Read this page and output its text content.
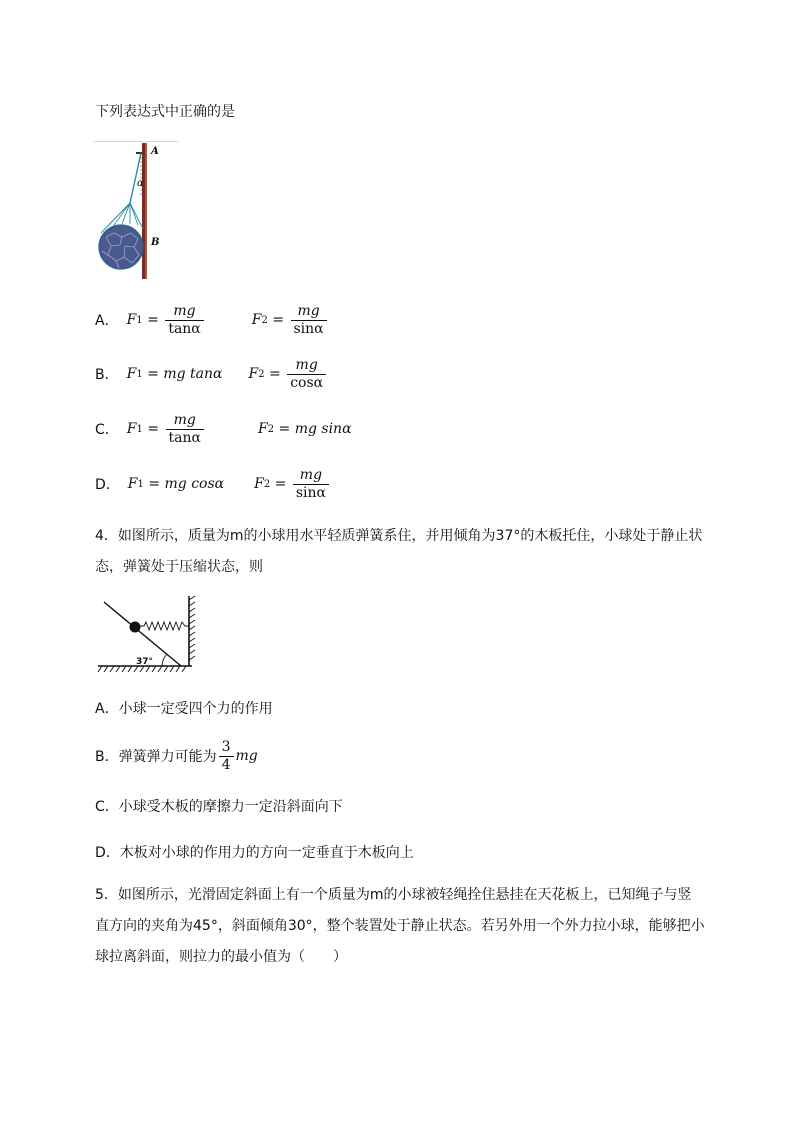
下列表达式中正确的是
A
α
B
A． F $1 = \frac{mg}{\tan\alpha}$	F $2 = \frac{mg}{\sin\alpha}$
B． F 1 = mg tanα F $2 = \frac{mg}{\cos\alpha}$
C． F $1 = \frac{mg}{\tan\alpha}$	F 2 = mg sinα
D． F 1 = mg cosα F $2 = \frac{mg}{\sin\alpha}$
4．如图所示，质量为m的小球用水平轻质弹簧系住，并用倾角为37°的木板托住，小球处于静止状
态，弹簧处于压缩状态，则
37°
A．小球一定受四个力的作用
B．弹簧弹力可能为 $\frac{3}{4}$ mg
C．小球受木板的摩擦力一定沿斜面向下
D．木板对小球的作用力的方向一定垂直于木板向上
5．如图所示，光滑固定斜面上有一个质量为m的小球被轻绳拴住悬挂在天花板上，已知绳子与竖
直方向的夹角为45°，斜面倾角30°，整个装置处于静止状态。若另外用一个外力拉小球，能够把小
球拉离斜面，则拉力的最小值为（　　）
